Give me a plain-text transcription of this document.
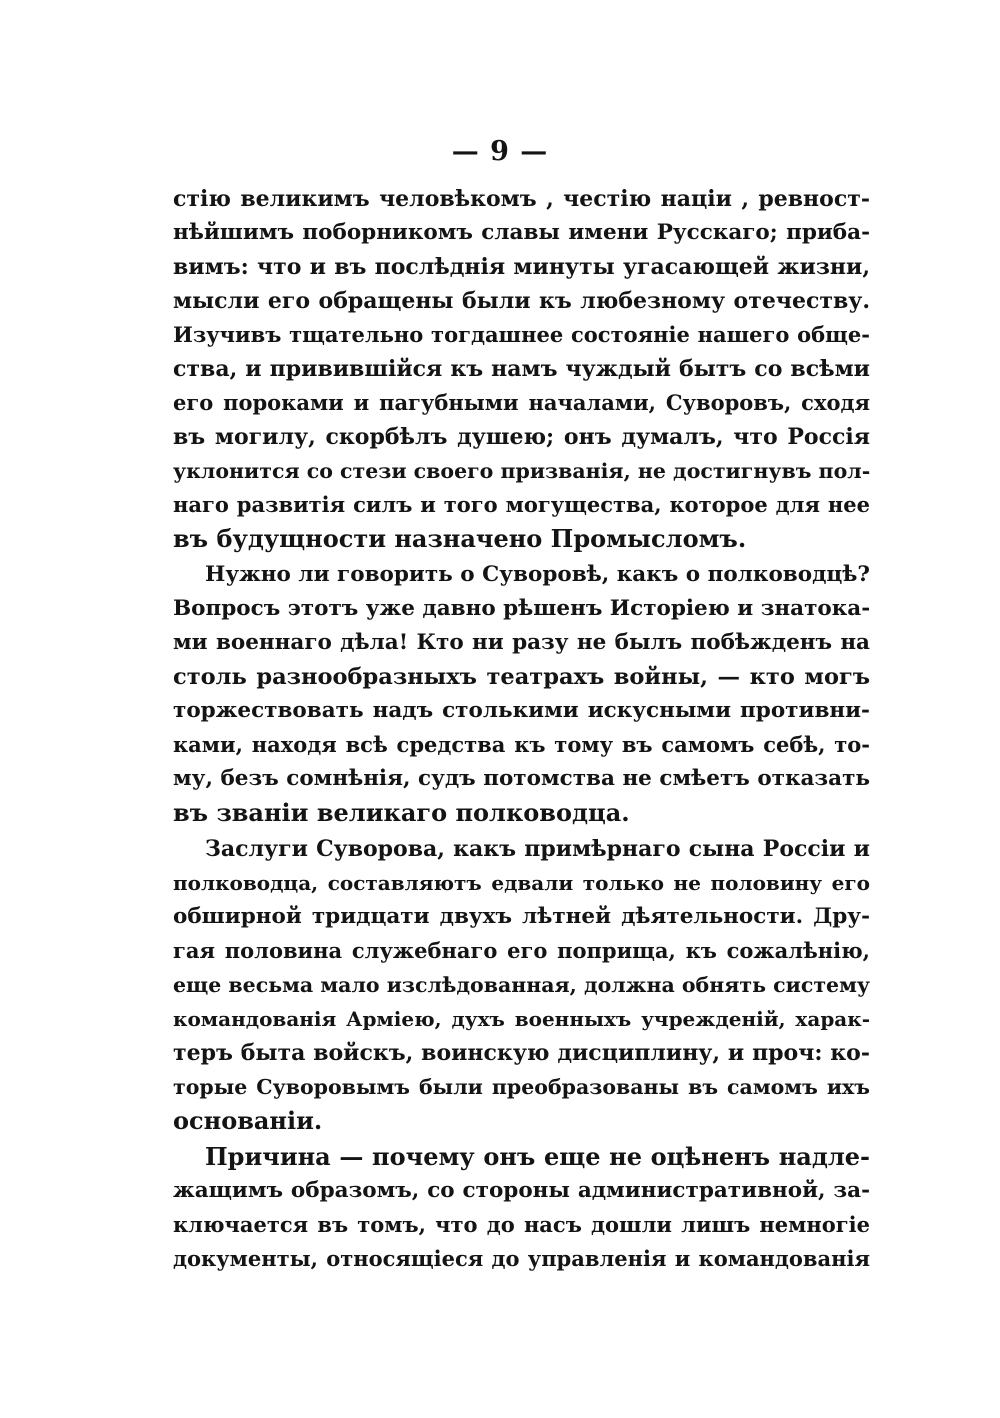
— 9 —
стію великимъ человѣкомъ , честію націи , ревност-
нѣйшимъ поборникомъ славы имени Русскаго; прибa-
вимъ: что и въ послѣднія минуты угасающей жизни,
мысли его обращены были къ любезному отечеству.
Изучивъ тщательно тогдашнее состояніе нашего обще-
ства, и привившійся къ намъ чуждый бытъ со всѣми
его пороками и пагубными началами, Суворовъ, сходя
въ могилу, скорбѣлъ душею; онъ думалъ, что Россія
уклонится со стези своего призванія, не достигнувъ пол-
наго развитія силъ и того могущества, которое для нее
въ будущности назначено Промысломъ.
Нужно ли говорить о Суворовѣ, какъ о полководцѣ?
Вопросъ этотъ уже давно рѣшенъ Исторіею и знатока-
ми военнаго дѣла! Кто ни разу не былъ побѣжденъ на
столь разнообразныхъ театрахъ войны, — кто могъ
торжествовать надъ столькими искусными противни-
ками, находя всѣ средства къ тому въ самомъ себѣ, то-
му, безъ сомнѣнія, судъ потомства не смѣетъ отказать
въ званіи великаго полководца.
Заслуги Суворова, какъ примѣрнаго сына Россіи и
полководца, составляютъ едвали только не половину его
обширной тридцати двухъ лѣтней дѣятельности. Дру-
гая половина служебнаго его поприща, къ сожалѣнію,
еще весьма мало изслѣдованная, должна обнять систему
командованія Арміею, духъ военныхъ учрежденій, харак-
теръ быта войскъ, воинскую дисциплину, и проч: ко-
торые Суворовымъ были преобразованы въ самомъ ихъ
основаніи.
Причина — почему онъ еще не оцѣненъ надле-
жащимъ образомъ, со стороны административной, за-
ключается въ томъ, что до насъ дошли лишъ немногіе
документы, относящіеся до управленія и командованія
